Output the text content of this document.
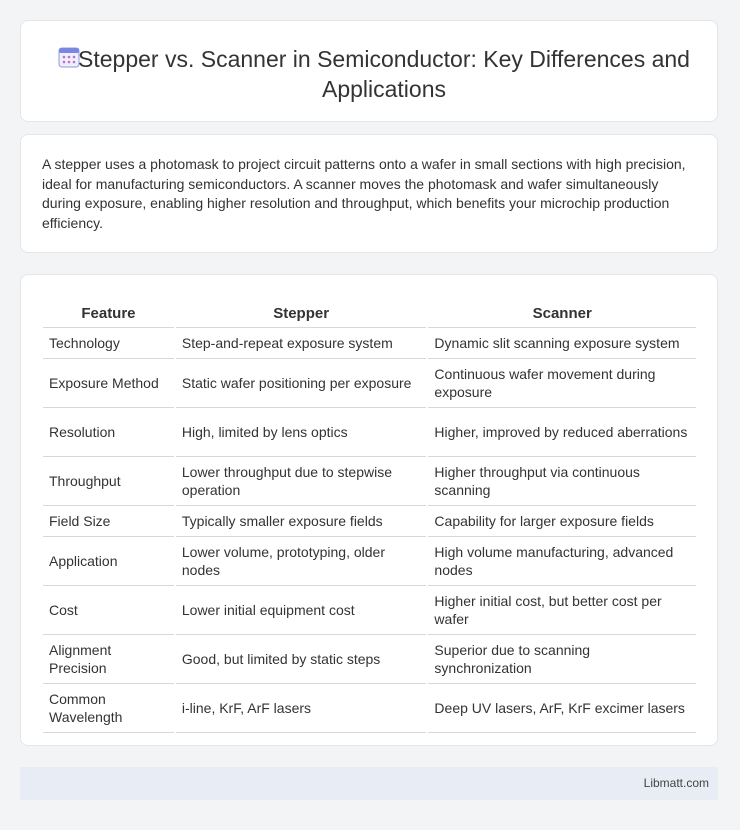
Stepper vs. Scanner in Semiconductor: Key Differences and Applications
A stepper uses a photomask to project circuit patterns onto a wafer in small sections with high precision, ideal for manufacturing semiconductors. A scanner moves the photomask and wafer simultaneously during exposure, enabling higher resolution and throughput, which benefits your microchip production efficiency.
Feature	Stepper	Scanner
Technology	Step-and-repeat exposure system	Dynamic slit scanning exposure system
Exposure Method	Static wafer positioning per exposure	Continuous wafer movement during exposure
Resolution	High, limited by lens optics	Higher, improved by reduced aberrations
Throughput	Lower throughput due to stepwise operation	Higher throughput via continuous scanning
Field Size	Typically smaller exposure fields	Capability for larger exposure fields
Application	Lower volume, prototyping, older nodes	High volume manufacturing, advanced nodes
Cost	Lower initial equipment cost	Higher initial cost, but better cost per wafer
Alignment Precision	Good, but limited by static steps	Superior due to scanning synchronization
Common Wavelength	i-line, KrF, ArF lasers	Deep UV lasers, ArF, KrF excimer lasers
Libmatt.com
